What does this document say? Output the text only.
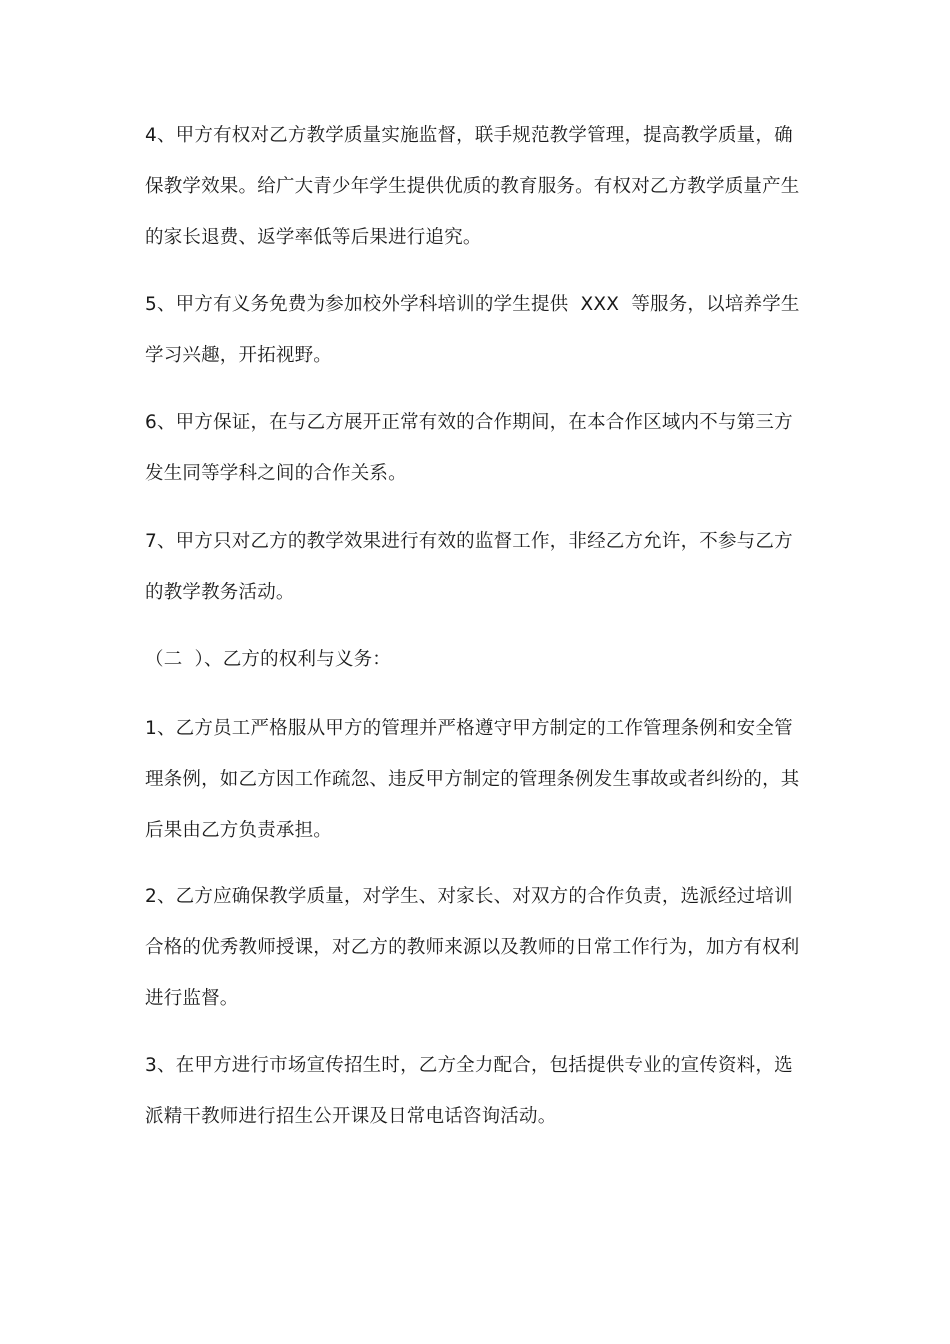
4、甲方有权对乙方教学质量实施监督，联手规范教学管理，提高教学质量，确
保教学效果。给广大青少年学生提供优质的教育服务。有权对乙方教学质量产生
的家长退费、返学率低等后果进行追究。
5、甲方有义务免费为参加校外学科培训的学生提供  XXX  等服务，以培养学生
学习兴趣，开拓视野。
6、甲方保证，在与乙方展开正常有效的合作期间，在本合作区域内不与第三方
发生同等学科之间的合作关系。
7、甲方只对乙方的教学效果进行有效的监督工作，非经乙方允许，不参与乙方
的教学教务活动。
（二  ）、乙方的权利与义务：
1、乙方员工严格服从甲方的管理并严格遵守甲方制定的工作管理条例和安全管
理条例，如乙方因工作疏忽、违反甲方制定的管理条例发生事故或者纠纷的，其
后果由乙方负责承担。
2、乙方应确保教学质量，对学生、对家长、对双方的合作负责，选派经过培训
合格的优秀教师授课，对乙方的教师来源以及教师的日常工作行为，加方有权利
进行监督。
3、在甲方进行市场宣传招生时，乙方全力配合，包括提供专业的宣传资料，选
派精干教师进行招生公开课及日常电话咨询活动。
